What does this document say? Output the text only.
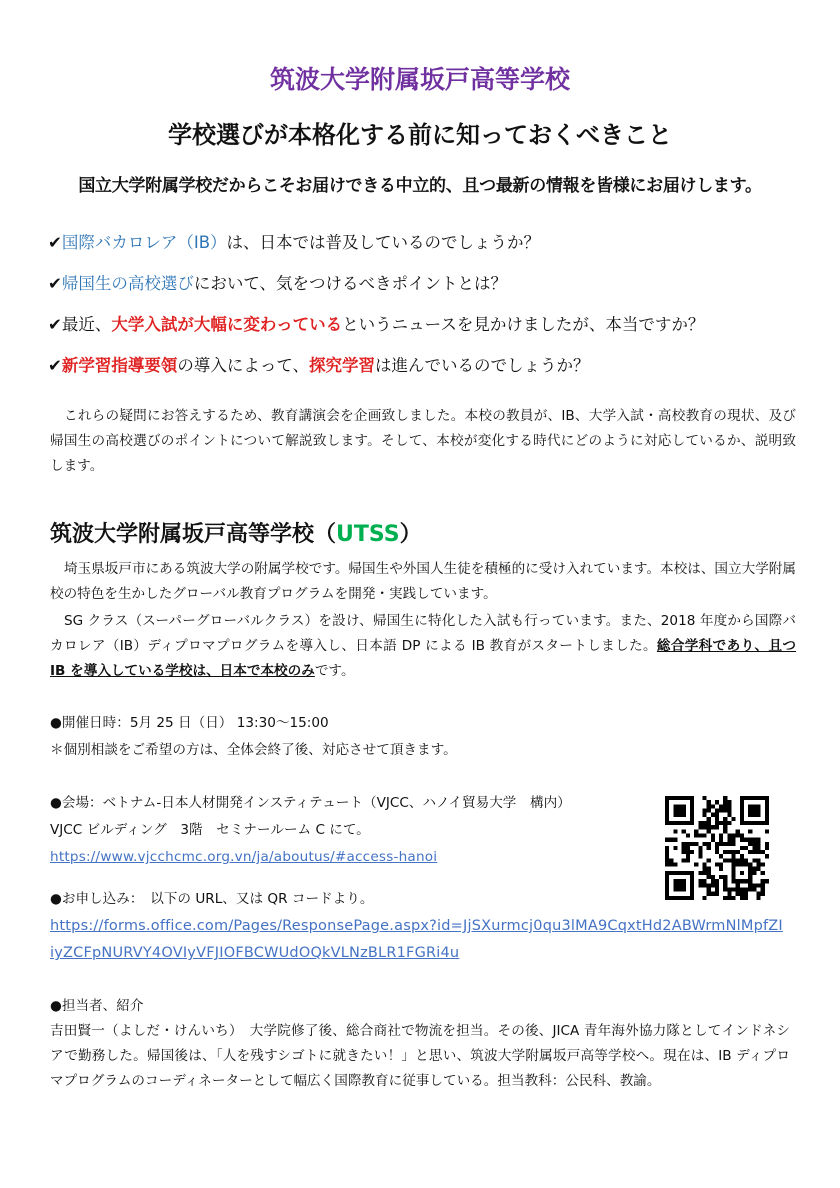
筑波大学附属坂戸高等学校
学校選びが本格化する前に知っておくべきこと
国立大学附属学校だからこそお届けできる中立的、且つ最新の情報を皆様にお届けします。
✔国際バカロレア（IB）は、日本では普及しているのでしょうか？
✔帰国生の高校選びにおいて、気をつけるべきポイントとは？
✔最近、大学入試が大幅に変わっているというニュースを見かけましたが、本当ですか？
✔新学習指導要領の導入によって、探究学習は進んでいるのでしょうか？
これらの疑問にお答えするため、教育講演会を企画致しました。本校の教員が、IB、大学入試・高校教育の現状、及び帰国生の高校選びのポイントについて解説致します。そして、本校が変化する時代にどのように対応しているか、説明致します。
筑波大学附属坂戸高等学校（UTSS）
埼玉県坂戸市にある筑波大学の附属学校です。帰国生や外国人生徒を積極的に受け入れています。本校は、国立大学附属校の特色を生かしたグローバル教育プログラムを開発・実践しています。
SG クラス（スーパーグローバルクラス）を設け、帰国生に特化した入試も行っています。また、2018 年度から国際バカロレア（IB）ディプロマプログラムを導入し、日本語 DP による IB 教育がスタートしました。総合学科であり、且つ IB を導入している学校は、日本で本校のみです。
●開催日時：5月 25 日（日） 13:30～15:00
＊個別相談をご希望の方は、全体会終了後、対応させて頂きます。
●会場：ベトナム-日本人材開発インスティテュート（VJCC、ハノイ貿易大学　構内）
VJCC ビルディング　3階　セミナールーム C にて。
https://www.vjcchcmc.org.vn/ja/aboutus/#access-hanoi
●お申し込み：　以下の URL、又は QR コードより。
https://forms.office.com/Pages/ResponsePage.aspx?id=JjSXurmcj0qu3lMA9CqxtHd2ABWrmNlMpfZIiyZCFpNURVY4OVIyVFJIOFBCWUdOQkVLNzBLR1FGRi4u
●担当者、紹介
吉田賢一（よしだ・けんいち）　大学院修了後、総合商社で物流を担当。その後、JICA 青年海外協力隊としてインドネシアで勤務した。帰国後は、「人を残すシゴトに就きたい！」と思い、筑波大学附属坂戸高等学校へ。現在は、IB ディプロマプログラムのコーディネーターとして幅広く国際教育に従事している。担当教科：公民科、教諭。
